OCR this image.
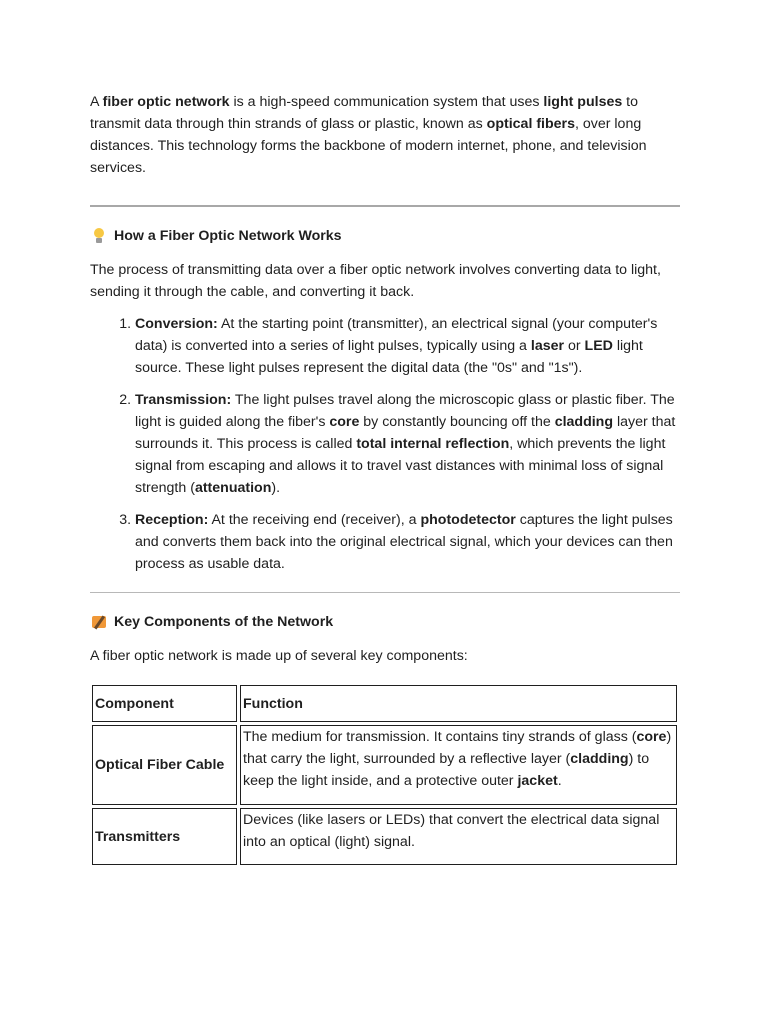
A fiber optic network is a high-speed communication system that uses light pulses to transmit data through thin strands of glass or plastic, known as optical fibers, over long distances. This technology forms the backbone of modern internet, phone, and television services.

How a Fiber Optic Network Works

The process of transmitting data over a fiber optic network involves converting data to light, sending it through the cable, and converting it back.

1. Conversion: At the starting point (transmitter), an electrical signal (your computer's data) is converted into a series of light pulses, typically using a laser or LED light source. These light pulses represent the digital data (the "0s" and "1s").
2. Transmission: The light pulses travel along the microscopic glass or plastic fiber. The light is guided along the fiber's core by constantly bouncing off the cladding layer that surrounds it. This process is called total internal reflection, which prevents the light signal from escaping and allows it to travel vast distances with minimal loss of signal strength (attenuation).
3. Reception: At the receiving end (receiver), a photodetector captures the light pulses and converts them back into the original electrical signal, which your devices can then process as usable data.
Key Components of the Network

A fiber optic network is made up of several key components:

Component	Function
Optical Fiber Cable
The medium for transmission. It contains tiny strands of glass (core) that carry the light, surrounded by a reflective layer (cladding) to keep the light inside, and a protective outer jacket.
Transmitters
Devices (like lasers or LEDs) that convert the electrical data signal into an optical (light) signal.
